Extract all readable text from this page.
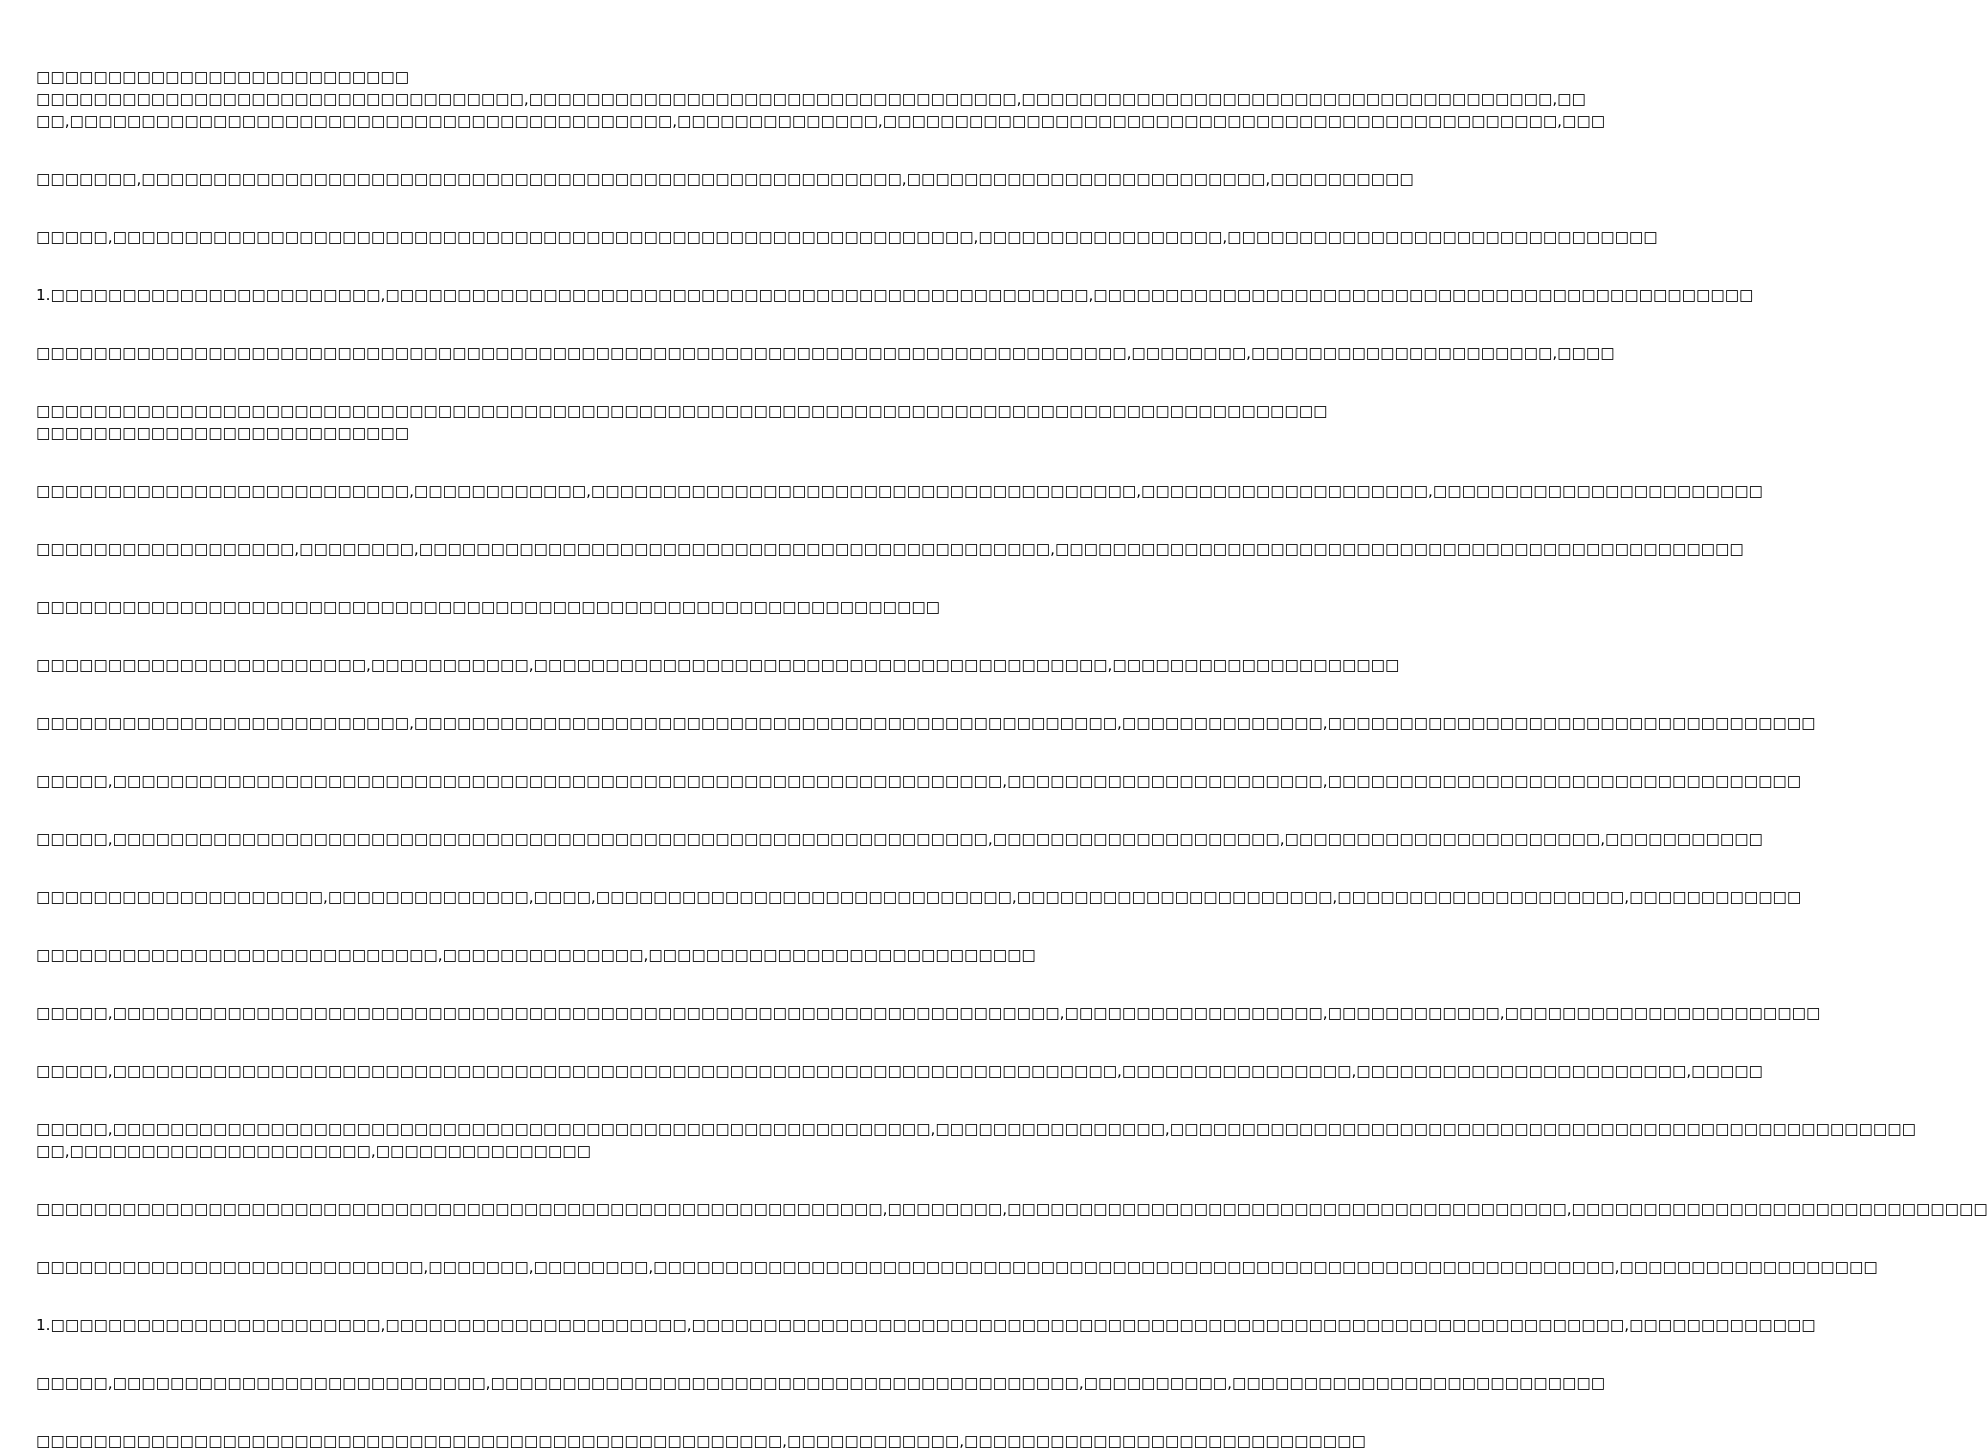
□□□□□□□□□□□□□□□□□□□□□□□□□□
□□□□□□□□□□□□□□□□□□□□□□□□□□□□□□□□□□,□□□□□□□□□□□□□□□□□□□□□□□□□□□□□□□□□□,□□□□□□□□□□□□□□□□□□□□□□□□□□□□□□□□□□□□□,□□
□□,□□□□□□□□□□□□□□□□□□□□□□□□□□□□□□□□□□□□□□□□□□,□□□□□□□□□□□□□□,□□□□□□□□□□□□□□□□□□□□□□□□□□□□□□□□□□□□□□□□□□□□□□□,□□□
□□□□□□□,□□□□□□□□□□□□□□□□□□□□□□□□□□□□□□□□□□□□□□□□□□□□□□□□□□□□□,□□□□□□□□□□□□□□□□□□□□□□□□□,□□□□□□□□□□
□□□□□,□□□□□□□□□□□□□□□□□□□□□□□□□□□□□□□□□□□□□□□□□□□□□□□□□□□□□□□□□□□□,□□□□□□□□□□□□□□□□□,□□□□□□□□□□□□□□□□□□□□□□□□□□□□□□
1.□□□□□□□□□□□□□□□□□□□□□□□,□□□□□□□□□□□□□□□□□□□□□□□□□□□□□□□□□□□□□□□□□□□□□□□□□,□□□□□□□□□□□□□□□□□□□□□□□□□□□□□□□□□□□□□□□□□□□□□□
□□□□□□□□□□□□□□□□□□□□□□□□□□□□□□□□□□□□□□□□□□□□□□□□□□□□□□□□□□□□□□□□□□□□□□□□□□□□,□□□□□□□□,□□□□□□□□□□□□□□□□□□□□□,□□□□
□□□□□□□□□□□□□□□□□□□□□□□□□□□□□□□□□□□□□□□□□□□□□□□□□□□□□□□□□□□□□□□□□□□□□□□□□□□□□□□□□□□□□□□□□□
□□□□□□□□□□□□□□□□□□□□□□□□□□
□□□□□□□□□□□□□□□□□□□□□□□□□□,□□□□□□□□□□□□,□□□□□□□□□□□□□□□□□□□□□□□□□□□□□□□□□□□□□□,□□□□□□□□□□□□□□□□□□□□,□□□□□□□□□□□□□□□□□□□□□□□
□□□□□□□□□□□□□□□□□□,□□□□□□□□,□□□□□□□□□□□□□□□□□□□□□□□□□□□□□□□□□□□□□□□□□□□□,□□□□□□□□□□□□□□□□□□□□□□□□□□□□□□□□□□□□□□□□□□□□□□□□
□□□□□□□□□□□□□□□□□□□□□□□□□□□□□□□□□□□□□□□□□□□□□□□□□□□□□□□□□□□□□□□
□□□□□□□□□□□□□□□□□□□□□□□,□□□□□□□□□□□,□□□□□□□□□□□□□□□□□□□□□□□□□□□□□□□□□□□□□□□□,□□□□□□□□□□□□□□□□□□□□
□□□□□□□□□□□□□□□□□□□□□□□□□□,□□□□□□□□□□□□□□□□□□□□□□□□□□□□□□□□□□□□□□□□□□□□□□□□□,□□□□□□□□□□□□□□,□□□□□□□□□□□□□□□□□□□□□□□□□□□□□□□□□□
□□□□□,□□□□□□□□□□□□□□□□□□□□□□□□□□□□□□□□□□□□□□□□□□□□□□□□□□□□□□□□□□□□□□,□□□□□□□□□□□□□□□□□□□□□□,□□□□□□□□□□□□□□□□□□□□□□□□□□□□□□□□□
□□□□□,□□□□□□□□□□□□□□□□□□□□□□□□□□□□□□□□□□□□□□□□□□□□□□□□□□□□□□□□□□□□□,□□□□□□□□□□□□□□□□□□□□,□□□□□□□□□□□□□□□□□□□□□□,□□□□□□□□□□□
□□□□□□□□□□□□□□□□□□□□,□□□□□□□□□□□□□□,□□□□,□□□□□□□□□□□□□□□□□□□□□□□□□□□□□,□□□□□□□□□□□□□□□□□□□□□□,□□□□□□□□□□□□□□□□□□□□,□□□□□□□□□□□□
□□□□□□□□□□□□□□□□□□□□□□□□□□□□,□□□□□□□□□□□□□□,□□□□□□□□□□□□□□□□□□□□□□□□□□□
□□□□□,□□□□□□□□□□□□□□□□□□□□□□□□□□□□□□□□□□□□□□□□□□□□□□□□□□□□□□□□□□□□□□□□□□,□□□□□□□□□□□□□□□□□□,□□□□□□□□□□□□,□□□□□□□□□□□□□□□□□□□□□□
□□□□□,□□□□□□□□□□□□□□□□□□□□□□□□□□□□□□□□□□□□□□□□□□□□□□□□□□□□□□□□□□□□□□□□□□□□□□,□□□□□□□□□□□□□□□□,□□□□□□□□□□□□□□□□□□□□□□□,□□□□□
□□□□□,□□□□□□□□□□□□□□□□□□□□□□□□□□□□□□□□□□□□□□□□□□□□□□□□□□□□□□□□□,□□□□□□□□□□□□□□□□,□□□□□□□□□□□□□□□□□□□□□□□□□□□□□□□□□□□□□□□□□□□□□□□□□□□□
□□,□□□□□□□□□□□□□□□□□□□□□,□□□□□□□□□□□□□□□
□□□□□□□□□□□□□□□□□□□□□□□□□□□□□□□□□□□□□□□□□□□□□□□□□□□□□□□□□□□,□□□□□□□□,□□□□□□□□□□□□□□□□□□□□□□□□□□□□□□□□□□□□□□□,□□□□□□□□□□□□□□□□□□□□□□□□□□□□□
□□□□□□□□□□□□□□□□□□□□□□□□□□□,□□□□□□□,□□□□□□□□,□□□□□□□□□□□□□□□□□□□□□□□□□□□□□□□□□□□□□□□□□□□□□□□□□□□□□□□□□□□□□□□□□□□,□□□□□□□□□□□□□□□□□□
1.□□□□□□□□□□□□□□□□□□□□□□□,□□□□□□□□□□□□□□□□□□□□□,□□□□□□□□□□□□□□□□□□□□□□□□□□□□□□□□□□□□□□□□□□□□□□□□□□□□□□□□□□□□□□□□□,□□□□□□□□□□□□□
□□□□□,□□□□□□□□□□□□□□□□□□□□□□□□□□,□□□□□□□□□□□□□□□□□□□□□□□□□□□□□□□□□□□□□□□□□,□□□□□□□□□□,□□□□□□□□□□□□□□□□□□□□□□□□□□
□□□□□□□□□□□□□□□□□□□□□□□□□□□□□□□□□□□□□□□□□□□□□□□□□□□□,□□□□□□□□□□□□,□□□□□□□□□□□□□□□□□□□□□□□□□□□□
